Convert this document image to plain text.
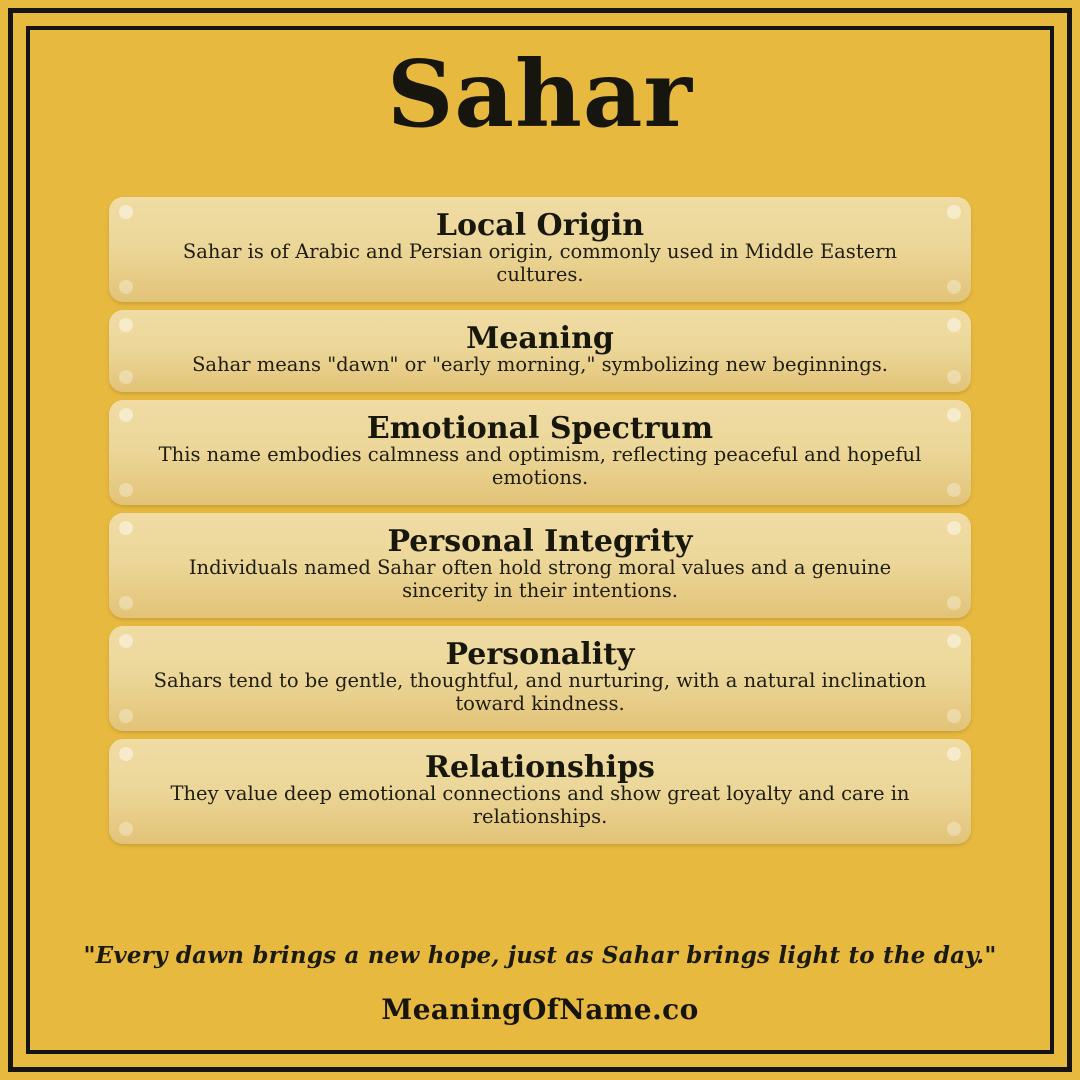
Sahar
Local Origin
Sahar is of Arabic and Persian origin, commonly used in Middle Eastern cultures.
Meaning
Sahar means "dawn" or "early morning," symbolizing new beginnings.
Emotional Spectrum
This name embodies calmness and optimism, reflecting peaceful and hopeful emotions.
Personal Integrity
Individuals named Sahar often hold strong moral values and a genuine sincerity in their intentions.
Personality
Sahars tend to be gentle, thoughtful, and nurturing, with a natural inclination toward kindness.
Relationships
They value deep emotional connections and show great loyalty and care in relationships.
"Every dawn brings a new hope, just as Sahar brings light to the day."
MeaningOfName.co
